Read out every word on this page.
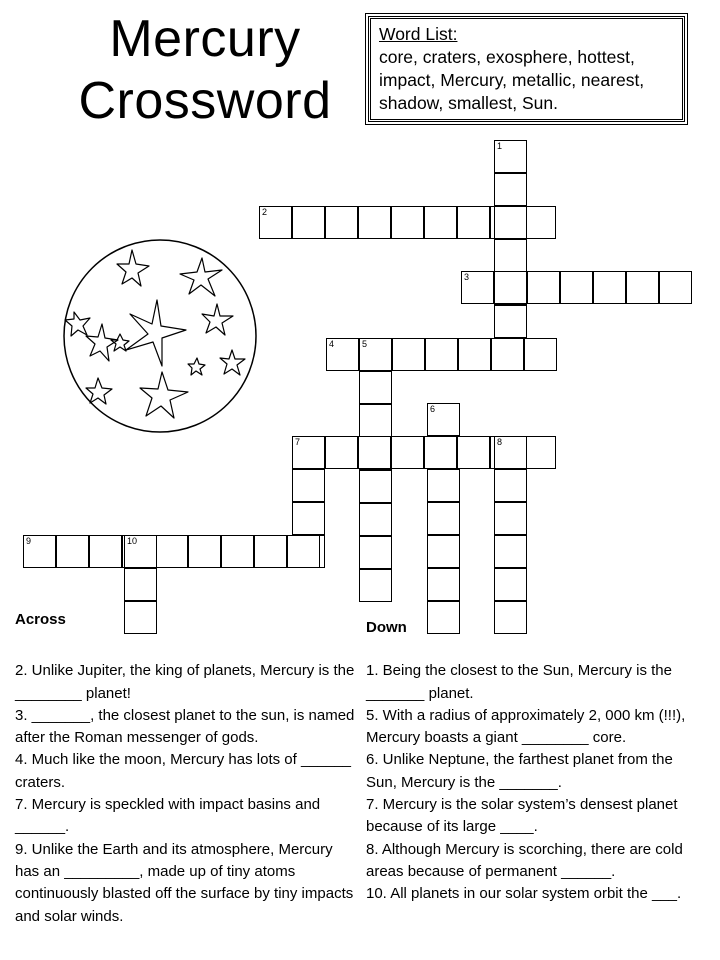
Mercury
Crossword
Word List:
core, craters, exosphere, hottest, impact, Mercury, metallic, nearest, shadow, smallest, Sun.
2
1
3
4	5
6
7	8
9	10
Across

2. Unlike Jupiter, the king of planets, Mercury is the ________ planet!

3. _______, the closest planet to the sun, is named after the Roman messenger of gods.

4. Much like the moon, Mercury has lots of ______ craters.

7. Mercury is speckled with impact basins and ______.

9. Unlike the Earth and its atmosphere, Mercury has an _________, made up of tiny atoms continuously blasted off the surface by tiny impacts and solar winds.

Down

1. Being the closest to the Sun, Mercury is the _______ planet.

5. With a radius of approximately 2, 000 km (!!!), Mercury boasts a giant ________ core.

6. Unlike Neptune, the farthest planet from the Sun, Mercury is the _______.

7. Mercury is the solar system’s densest planet because of its large ____.

8. Although Mercury is scorching, there are cold areas because of permanent ______.

10. All planets in our solar system orbit the ___.
